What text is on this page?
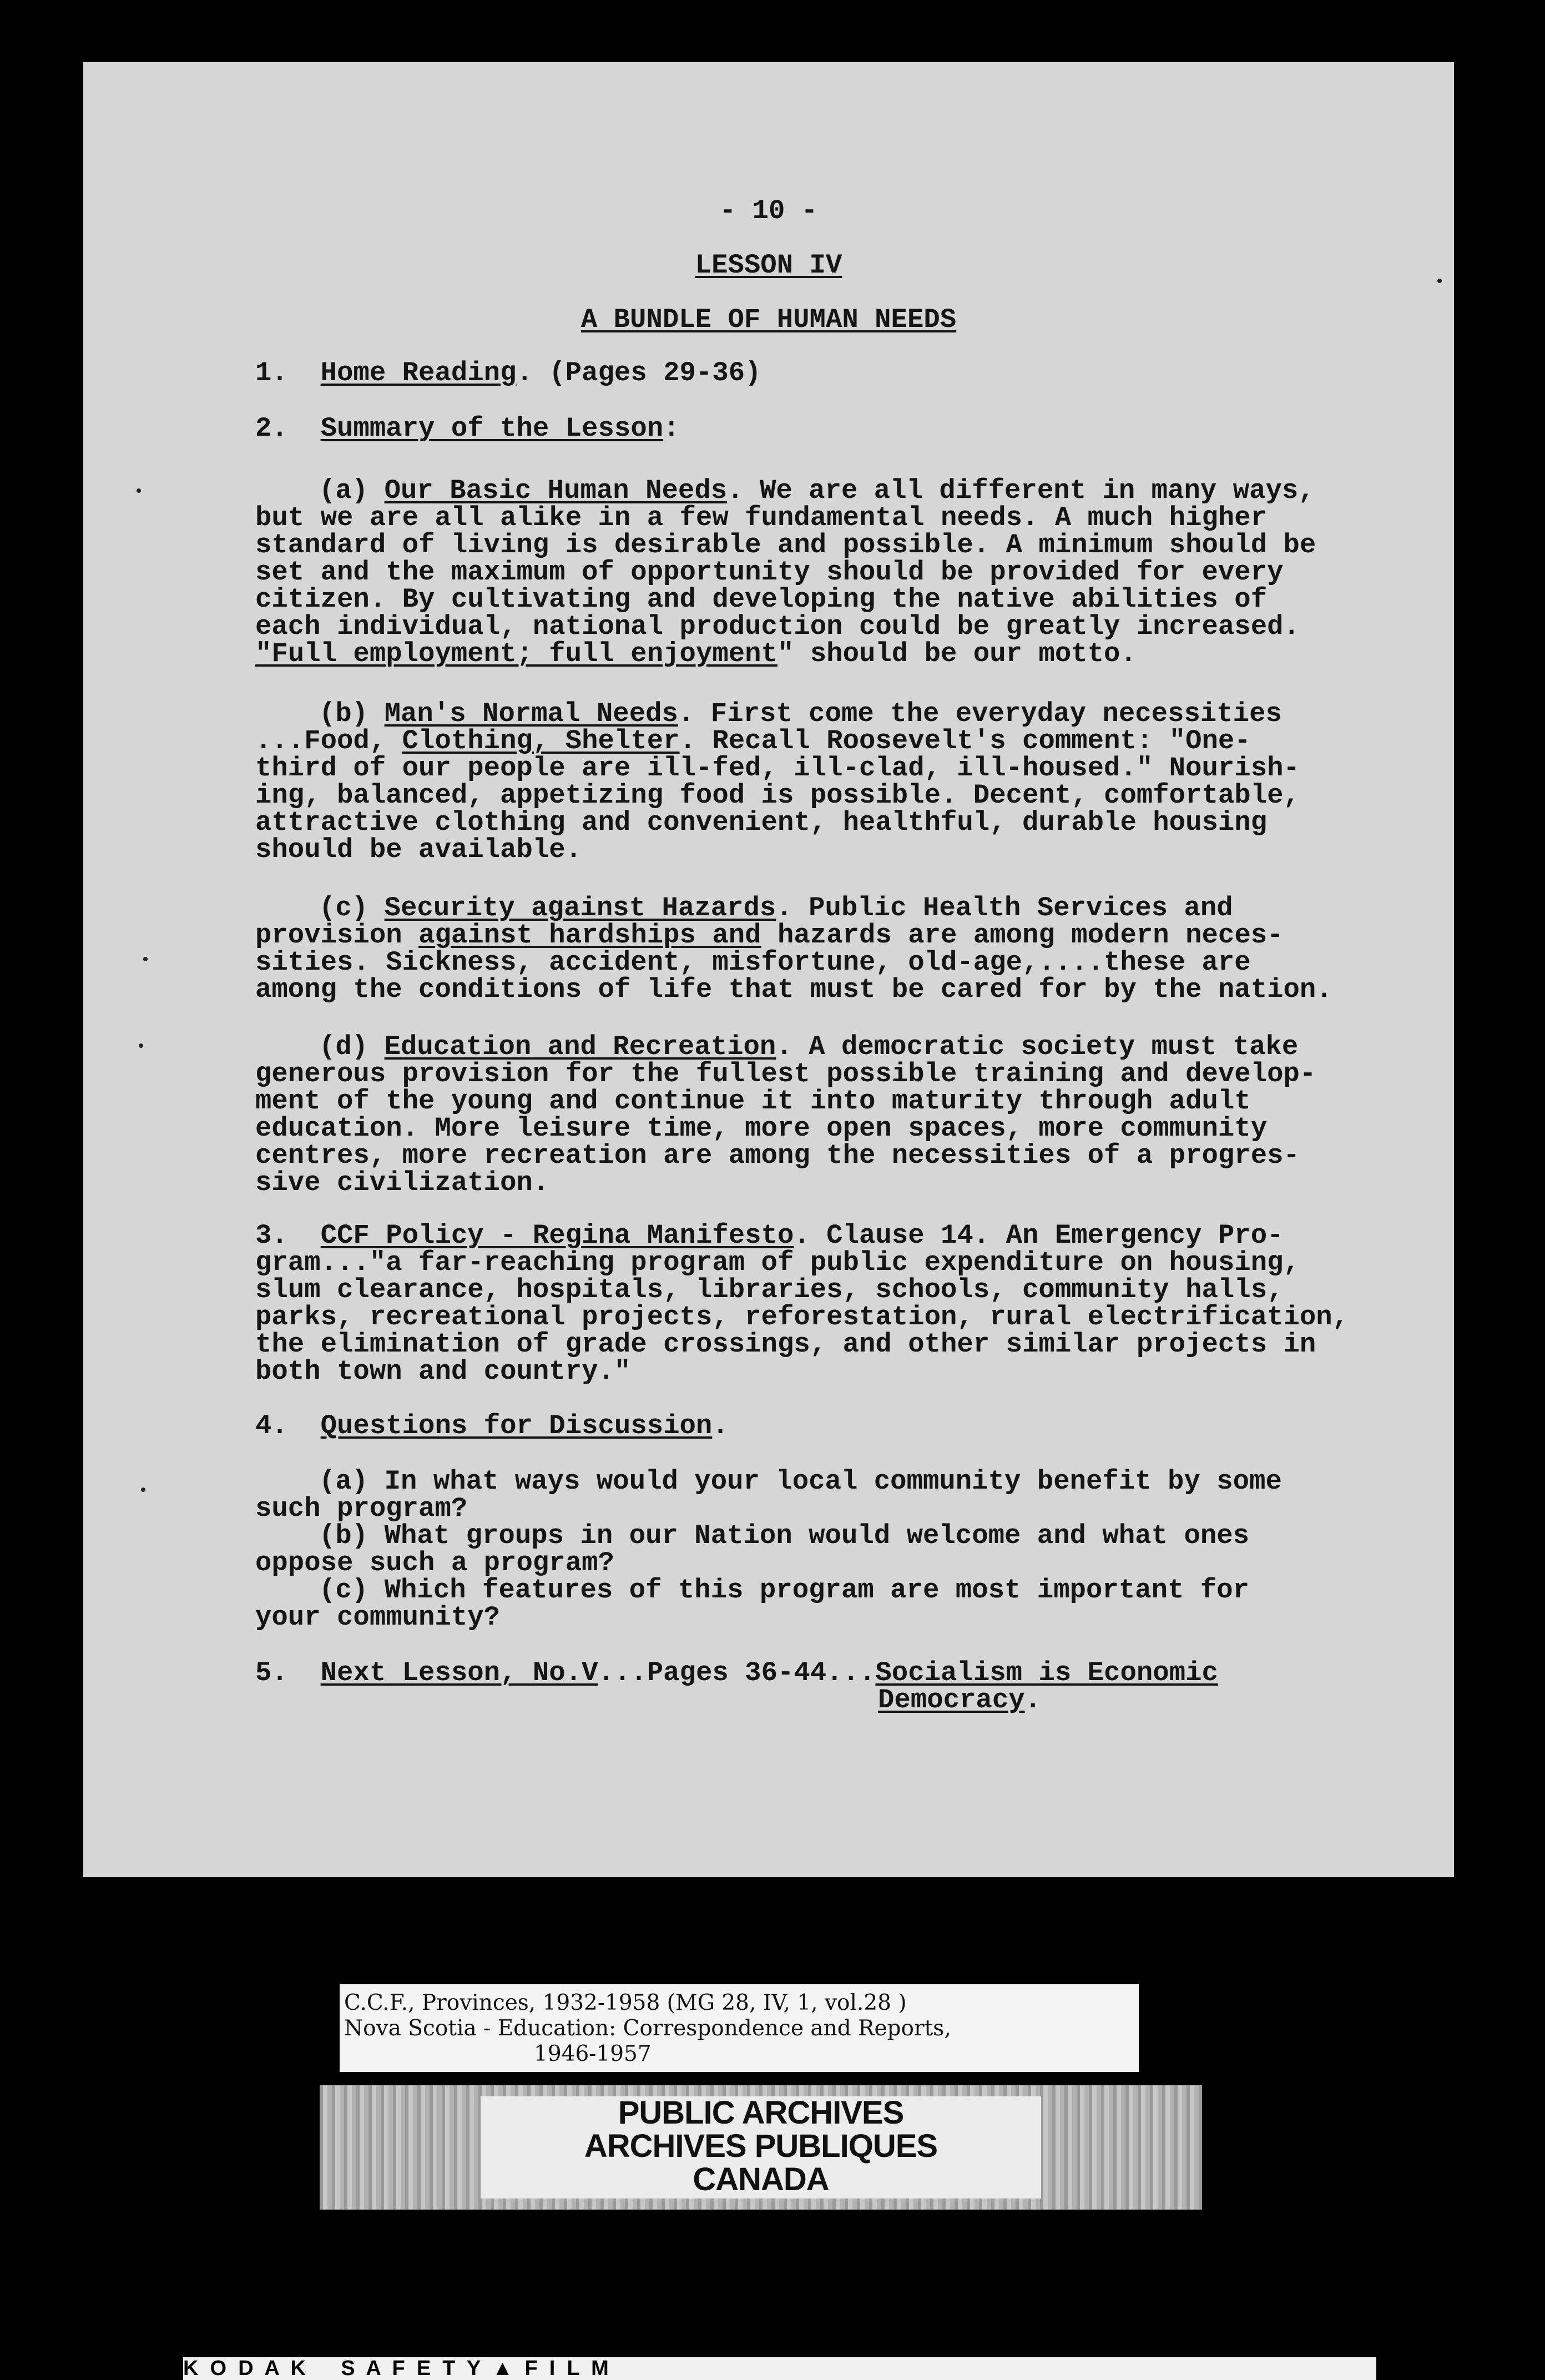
- 10 -
LESSON IV
A BUNDLE OF HUMAN NEEDS
1. Home Reading. (Pages 29-36)
2. Summary of the Lesson:
(a) Our Basic Human Needs. We are all different in many ways,
but we are all alike in a few fundamental needs. A much higher
standard of living is desirable and possible. A minimum should be
set and the maximum of opportunity should be provided for every
citizen. By cultivating and developing the native abilities of
each individual, national production could be greatly increased.
"Full employment; full enjoyment" should be our motto.
(b) Man's Normal Needs. First come the everyday necessities
...Food, Clothing, Shelter. Recall Roosevelt's comment: "One-
third of our people are ill-fed, ill-clad, ill-housed." Nourish-
ing, balanced, appetizing food is possible. Decent, comfortable,
attractive clothing and convenient, healthful, durable housing
should be available.
(c) Security against Hazards. Public Health Services and
provision against hardships and hazards are among modern neces-
sities. Sickness, accident, misfortune, old-age,....these are
among the conditions of life that must be cared for by the nation.
(d) Education and Recreation. A democratic society must take
generous provision for the fullest possible training and develop-
ment of the young and continue it into maturity through adult
education. More leisure time, more open spaces, more community
centres, more recreation are among the necessities of a progres-
sive civilization.
3. CCF Policy - Regina Manifesto. Clause 14. An Emergency Pro-
gram..."a far-reaching program of public expenditure on housing,
slum clearance, hospitals, libraries, schools, community halls,
parks, recreational projects, reforestation, rural electrification,
the elimination of grade crossings, and other similar projects in
both town and country."
4. Questions for Discussion.
(a) In what ways would your local community benefit by some
such program?
(b) What groups in our Nation would welcome and what ones
oppose such a program?
(c) Which features of this program are most important for
your community?
5. Next Lesson, No.V...Pages 36-44...Socialism is Economic
Democracy.
C.C.F., Provinces, 1932-1958 (MG 28, IV, 1, vol.28 )
Nova Scotia - Education: Correspondence and Reports,
1946-1957
PUBLIC ARCHIVES
ARCHIVES PUBLIQUES
CANADA
K  O  D  A  K      S  A  F  E  T  Y  ▲  F  I  L  M
